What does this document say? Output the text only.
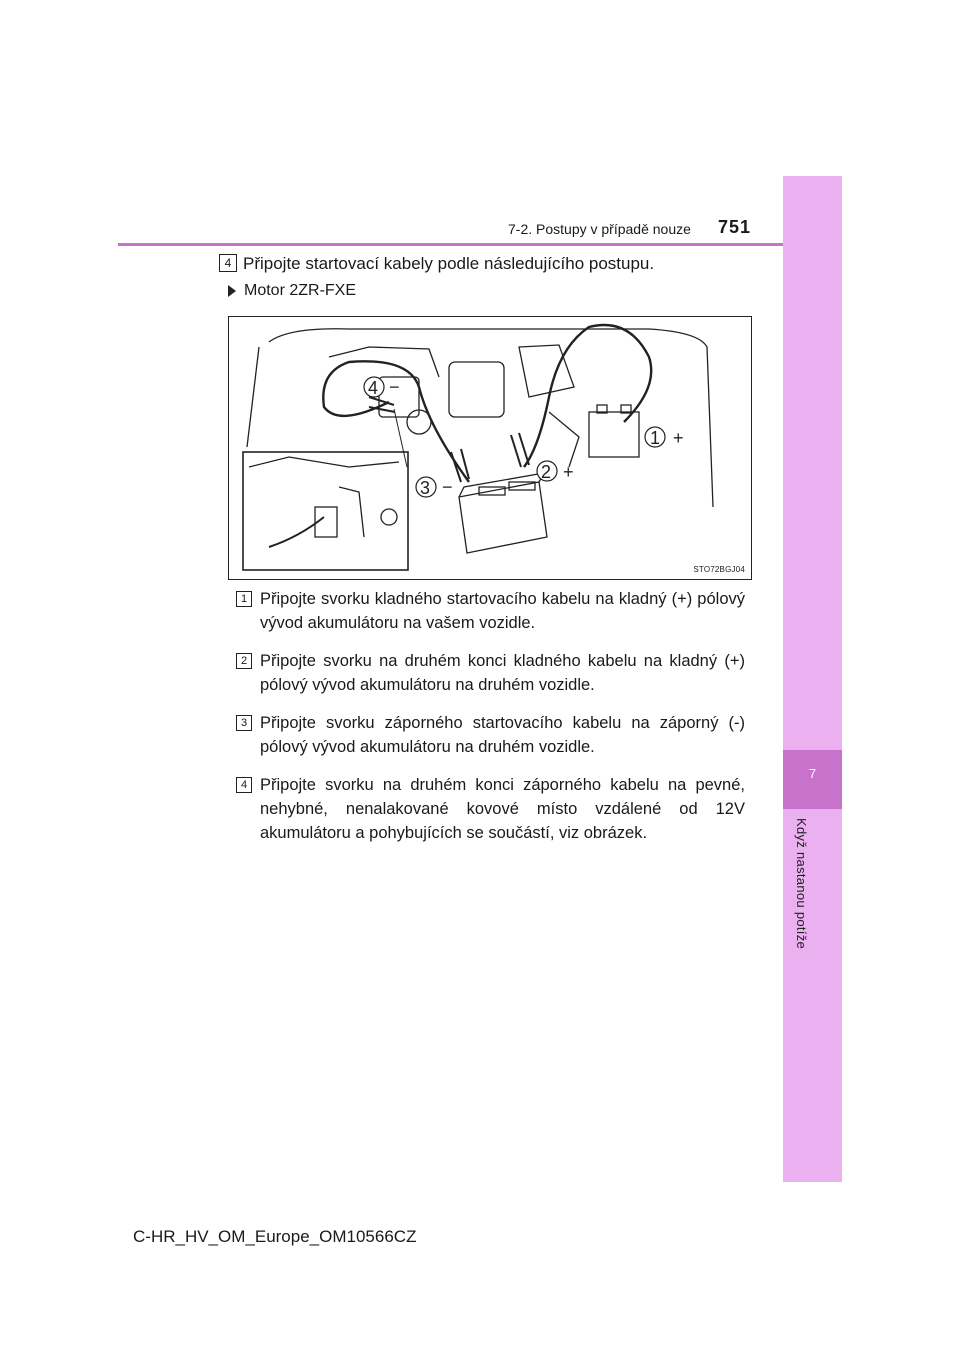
7
Když nastanou potíže
7-2. Postupy v případě nouze 751
4 Připojte startovací kabely podle následujícího postupu.
Motor 2ZR-FXE
4 −
1 +
2 +
3 −
STO72BGJ04
1 Připojte svorku kladného startovacího kabelu na kladný (+) pólový vývod akumulátoru na vašem vozidle.
2 Připojte svorku na druhém konci kladného kabelu na kladný (+) pólový vývod akumulátoru na druhém vozidle.
3 Připojte svorku záporného startovacího kabelu na záporný (-) pólový vývod akumulátoru na druhém vozidle.
4 Připojte svorku na druhém konci záporného kabelu na pevné, nehybné, nenalakované kovové místo vzdálené od 12V akumulátoru a pohybujících se součástí, viz obrázek.
C-HR_HV_OM_Europe_OM10566CZ
